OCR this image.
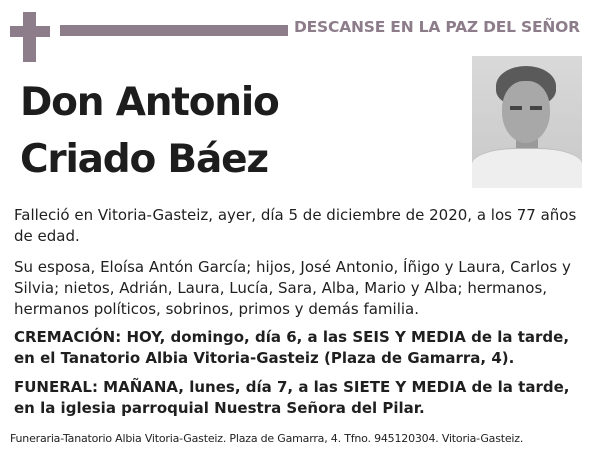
DESCANSE EN LA PAZ DEL SEÑOR
Don Antonio
Criado Báez

Falleció en Vitoria-Gasteiz, ayer, día 5 de diciembre de 2020, a los 77 años de edad.

Su esposa, Eloísa Antón García; hijos, José Antonio, Íñigo y Laura, Carlos y Silvia; nietos, Adrián, Laura, Lucía, Sara, Alba, Mario y Alba; hermanos, hermanos políticos, sobrinos, primos y demás familia.

CREMACIÓN: HOY, domingo, día 6, a las SEIS Y MEDIA de la tarde, en el Tanatorio Albia Vitoria-Gasteiz (Plaza de Gamarra, 4).

FUNERAL: MAÑANA, lunes, día 7, a las SIETE Y MEDIA de la tarde, en la iglesia parroquial Nuestra Señora del Pilar.

Funeraria-Tanatorio Albia Vitoria-Gasteiz. Plaza de Gamarra, 4. Tfno. 945120304. Vitoria-Gasteiz.
